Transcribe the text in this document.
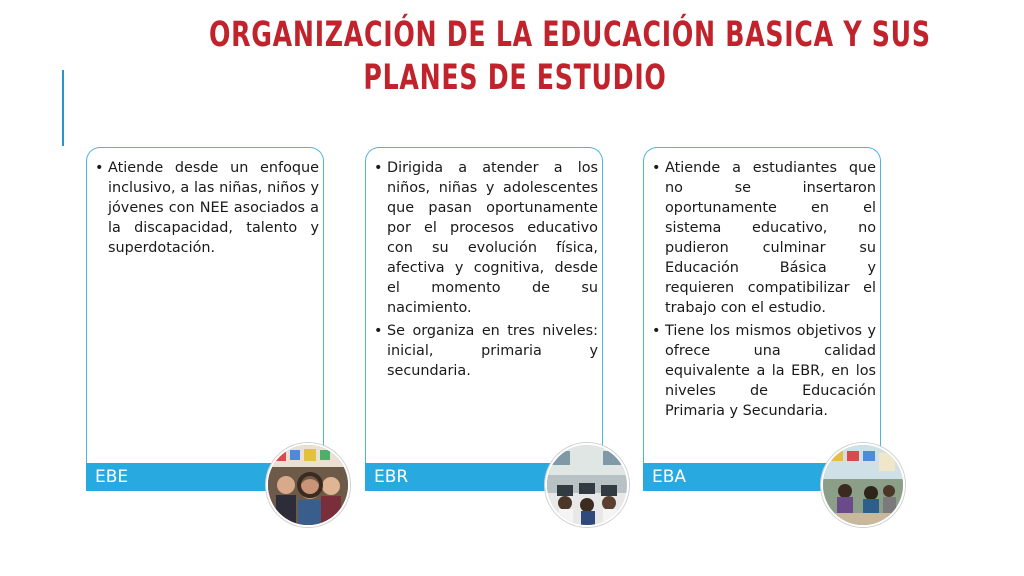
ORGANIZACIÓN DE LA EDUCACIÓN BASICA Y SUS
PLANES DE ESTUDIO

• Atiende desde un enfoque inclusivo, a las niñas, niños y jóvenes con NEE asociados a la discapacidad, talento y superdotación.

EBE

• Dirigida a atender a los niños, niñas y adolescentes que pasan oportunamente por el procesos educativo con su evolución física, afectiva y cognitiva, desde el momento de su nacimiento.

• Se organiza en tres niveles: inicial, primaria y secundaria.

EBR

• Atiende a estudiantes que no se insertaron oportunamente en el sistema educativo, no pudieron culminar su Educación Básica y requieren compatibilizar el trabajo con el estudio.

• Tiene los mismos objetivos y ofrece una calidad equivalente a la EBR, en los niveles de Educación Primaria y Secundaria.

EBA
